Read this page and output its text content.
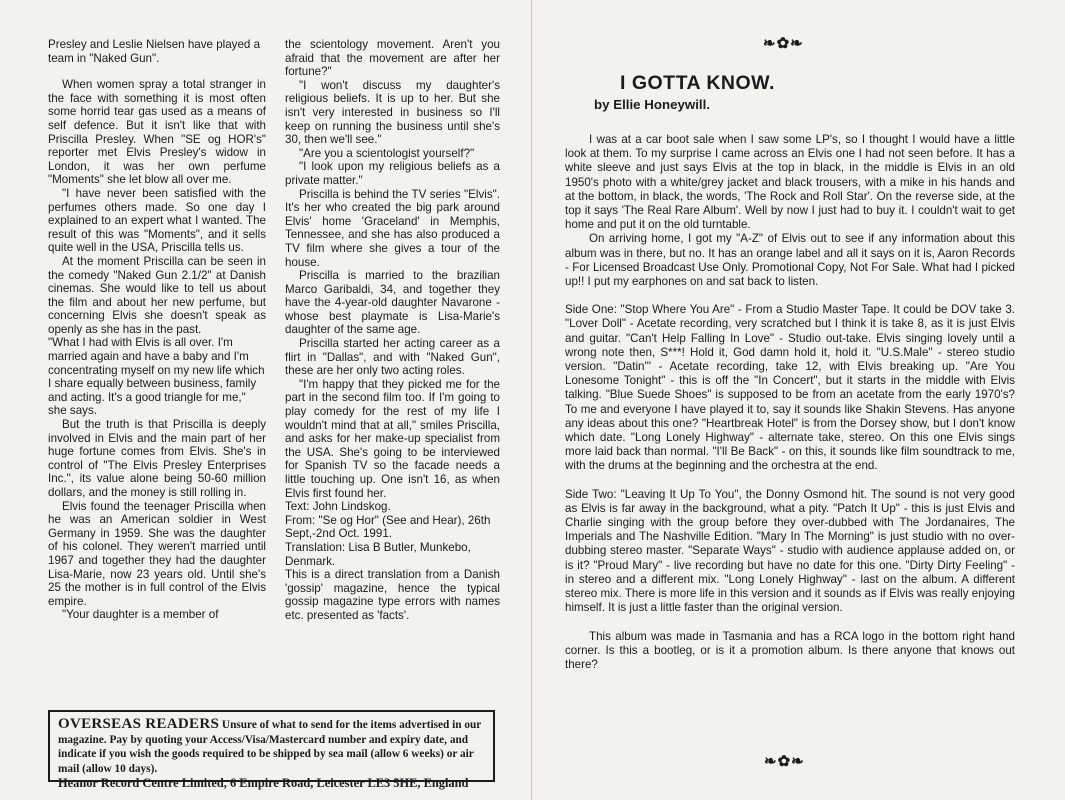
Presley and Leslie Nielsen have played a team in "Naked Gun".

When women spray a total stranger in the face with something it is most often some horrid tear gas used as a means of self defence. But it isn't like that with Priscilla Presley. When "SE og HOR's" reporter met Elvis Presley's widow in London, it was her own perfume "Moments" she let blow all over me.

"I have never been satisfied with the perfumes others made. So one day I explained to an expert what I wanted. The result of this was "Moments", and it sells quite well in the USA, Priscilla tells us.

At the moment Priscilla can be seen in the comedy "Naked Gun 2.1/2" at Danish cinemas. She would like to tell us about the film and about her new perfume, but concerning Elvis she doesn't speak as openly as she has in the past.

"What I had with Elvis is all over. I'm married again and have a baby and I'm concentrating myself on my new life which I share equally between business, family and acting. It's a good triangle for me," she says.

But the truth is that Priscilla is deeply involved in Elvis and the main part of her huge fortune comes from Elvis. She's in control of "The Elvis Presley Enterprises Inc.", its value alone being 50-60 million dollars, and the money is still rolling in.

Elvis found the teenager Priscilla when he was an American soldier in West Germany in 1959. She was the daughter of his colonel. They weren't married until 1967 and together they had the daughter Lisa-Marie, now 23 years old. Until she's 25 the mother is in full control of the Elvis empire.

"Your daughter is a member of

the scientology movement. Aren't you afraid that the movement are after her fortune?"

"I won't discuss my daughter's religious beliefs. It is up to her. But she isn't very interested in business so I'll keep on running the business until she's 30, then we'll see."

"Are you a scientologist yourself?"

"I look upon my religious beliefs as a private matter."

Priscilla is behind the TV series "Elvis". It's her who created the big park around Elvis' home 'Graceland' in Memphis, Tennessee, and she has also produced a TV film where she gives a tour of the house.

Priscilla is married to the brazilian Marco Garibaldi, 34, and together they have the 4-year-old daughter Navarone - whose best playmate is Lisa-Marie's daughter of the same age.

Priscilla started her acting career as a flirt in "Dallas", and with "Naked Gun", these are her only two acting roles.

"I'm happy that they picked me for the part in the second film too. If I'm going to play comedy for the rest of my life I wouldn't mind that at all," smiles Priscilla, and asks for her make-up specialist from the USA. She's going to be interviewed for Spanish TV so the facade needs a little touching up. One isn't 16, as when Elvis first found her.

Text: John Lindskog.

From: "Se og Hor" (See and Hear), 26th Sept,-2nd Oct. 1991.

Translation: Lisa B Butler, Munkebo, Denmark.

This is a direct translation from a Danish 'gossip' magazine, hence the typical gossip magazine type errors with names etc. presented as 'facts'.

OVERSEAS READERS Unsure of what to send for the items advertised in our magazine. Pay by quoting your Access/Visa/Mastercard number and expiry date, and indicate if you wish the goods required to be shipped by sea mail (allow 6 weeks) or air mail (allow 10 days).
Heanor Record Centre Limited, 6 Empire Road, Leicester LE3 5HE, England
❧✿❧
I GOTTA KNOW.
by Ellie Honeywill.

I was at a car boot sale when I saw some LP's, so I thought I would have a little look at them. To my surprise I came across an Elvis one I had not seen before. It has a white sleeve and just says Elvis at the top in black, in the middle is Elvis in an old 1950's photo with a white/grey jacket and black trousers, with a mike in his hands and at the bottom, in black, the words, 'The Rock and Roll Star'. On the reverse side, at the top it says 'The Real Rare Album'. Well by now I just had to buy it. I couldn't wait to get home and put it on the old turntable.

On arriving home, I got my "A-Z" of Elvis out to see if any information about this album was in there, but no. It has an orange label and all it says on it is, Aaron Records - For Licensed Broadcast Use Only. Promotional Copy, Not For Sale. What had I picked up!! I put my earphones on and sat back to listen.

Side One: "Stop Where You Are" - From a Studio Master Tape. It could be DOV take 3. "Lover Doll" - Acetate recording, very scratched but I think it is take 8, as it is just Elvis and guitar. "Can't Help Falling In Love" - Studio out-take. Elvis singing lovely until a wrong note then, S***! Hold it, God damn hold it, hold it. "U.S.Male" - stereo studio version. "Datin'" - Acetate recording, take 12, with Elvis breaking up. "Are You Lonesome Tonight" - this is off the "In Concert", but it starts in the middle with Elvis talking. "Blue Suede Shoes" is supposed to be from an acetate from the early 1970's? To me and everyone I have played it to, say it sounds like Shakin Stevens. Has anyone any ideas about this one? "Heartbreak Hotel" is from the Dorsey show, but I don't know which date. "Long Lonely Highway" - alternate take, stereo. On this one Elvis sings more laid back than normal. "I'll Be Back" - on this, it sounds like film soundtrack to me, with the drums at the beginning and the orchestra at the end.

Side Two: "Leaving It Up To You", the Donny Osmond hit. The sound is not very good as Elvis is far away in the background, what a pity. "Patch It Up" - this is just Elvis and Charlie singing with the group before they over-dubbed with The Jordanaires, The Imperials and The Nashville Edition. "Mary In The Morning" is just studio with no over-dubbing stereo master. "Separate Ways" - studio with audience applause added on, or is it? "Proud Mary" - live recording but have no date for this one. "Dirty Dirty Feeling" - in stereo and a different mix. "Long Lonely Highway" - last on the album. A different stereo mix. There is more life in this version and it sounds as if Elvis was really enjoying himself. It is just a little faster than the original version.

This album was made in Tasmania and has a RCA logo in the bottom right hand corner. Is this a bootleg, or is it a promotion album. Is there anyone that knows out there?

❧✿❧
